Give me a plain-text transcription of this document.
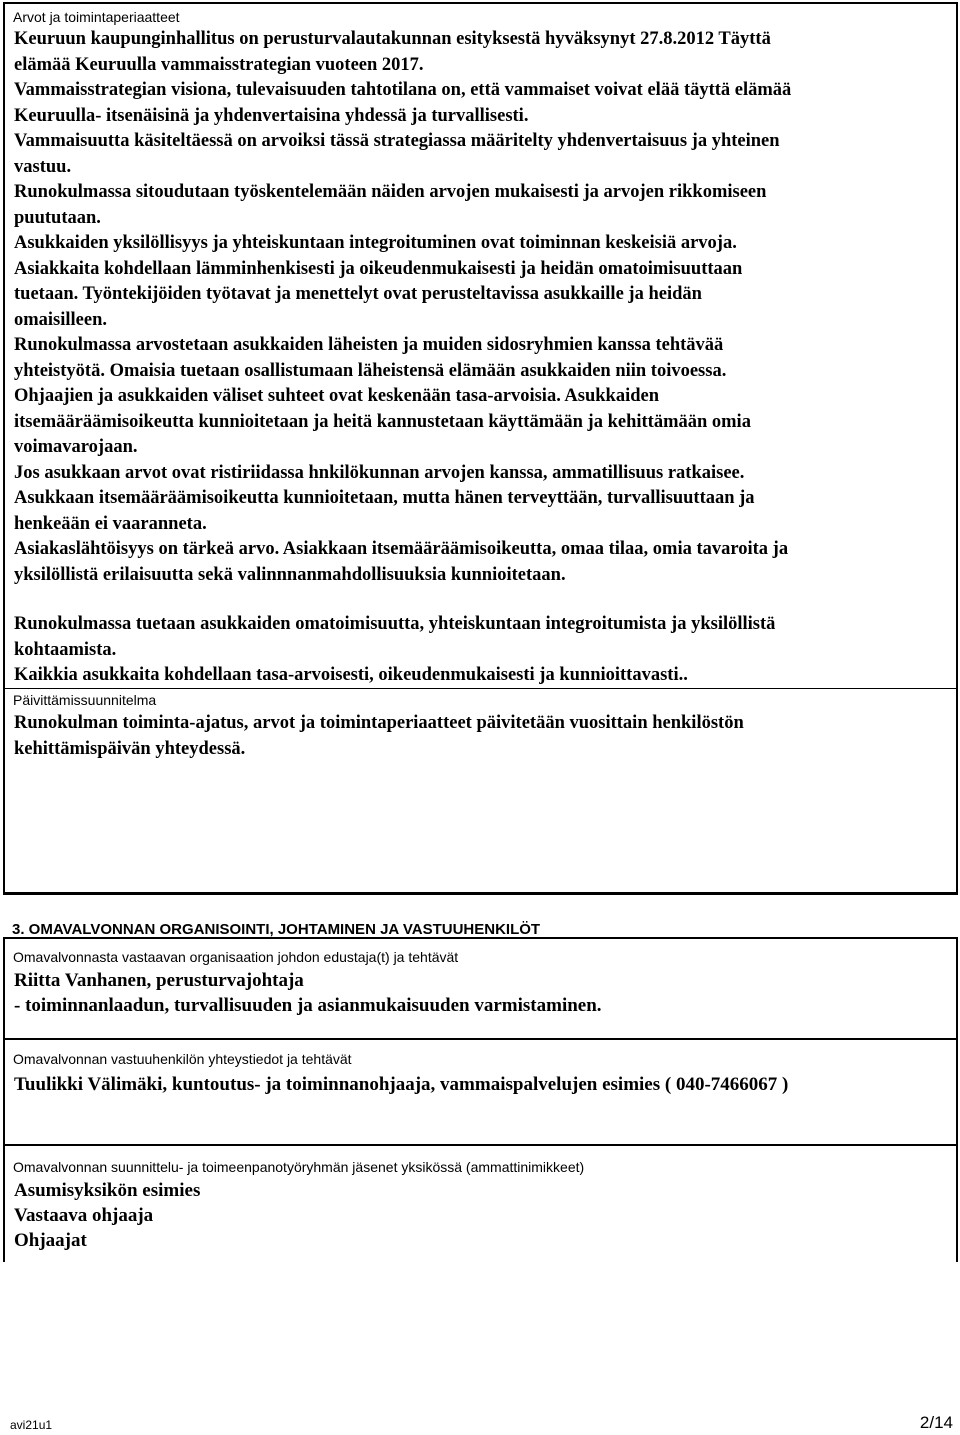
Arvot ja toimintaperiaatteet
Keuruun kaupunginhallitus on perusturvalautakunnan esityksestä hyväksynyt 27.8.2012 Täyttä
elämää Keuruulla vammaisstrategian vuoteen 2017.
Vammaisstrategian visiona, tulevaisuuden tahtotilana on, että vammaiset voivat elää täyttä elämää
Keuruulla- itsenäisinä ja yhdenvertaisina yhdessä ja turvallisesti.
Vammaisuutta käsiteltäessä on arvoiksi tässä strategiassa määritelty yhdenvertaisuus ja yhteinen
vastuu.
Runokulmassa sitoudutaan työskentelemään näiden arvojen mukaisesti ja arvojen rikkomiseen
puututaan.
Asukkaiden yksilöllisyys ja yhteiskuntaan integroituminen ovat toiminnan keskeisiä arvoja.
Asiakkaita kohdellaan lämminhenkisesti ja oikeudenmukaisesti ja heidän omatoimisuuttaan
tuetaan. Työntekijöiden työtavat ja menettelyt ovat perusteltavissa asukkaille ja heidän
omaisilleen.
Runokulmassa arvostetaan asukkaiden läheisten ja muiden sidosryhmien kanssa tehtävää
yhteistyötä. Omaisia tuetaan osallistumaan läheistensä elämään asukkaiden niin toivoessa.
Ohjaajien ja asukkaiden väliset suhteet ovat keskenään tasa-arvoisia. Asukkaiden
itsemääräämisoikeutta kunnioitetaan ja heitä kannustetaan käyttämään ja kehittämään omia
voimavarojaan.
Jos asukkaan arvot ovat ristiriidassa hnkilökunnan arvojen kanssa, ammatillisuus ratkaisee.
Asukkaan itsemääräämisoikeutta kunnioitetaan, mutta hänen terveyttään, turvallisuuttaan ja
henkeään ei vaaranneta.
Asiakaslähtöisyys on tärkeä arvo. Asiakkaan itsemääräämisoikeutta, omaa tilaa, omia tavaroita ja
yksilöllistä erilaisuutta sekä valinnnanmahdollisuuksia kunnioitetaan.
Runokulmassa tuetaan asukkaiden omatoimisuutta, yhteiskuntaan integroitumista ja yksilöllistä
kohtaamista.
Kaikkia asukkaita kohdellaan tasa-arvoisesti, oikeudenmukaisesti ja kunnioittavasti..
Päivittämissuunnitelma
Runokulman toiminta-ajatus, arvot ja toimintaperiaatteet päivitetään vuosittain henkilöstön
kehittämispäivän yhteydessä.
3. OMAVALVONNAN ORGANISOINTI, JOHTAMINEN JA VASTUUHENKILÖT
Omavalvonnasta vastaavan organisaation johdon edustaja(t) ja tehtävät
Riitta Vanhanen, perusturvajohtaja
- toiminnanlaadun, turvallisuuden ja asianmukaisuuden varmistaminen.
Omavalvonnan vastuuhenkilön yhteystiedot ja tehtävät
Tuulikki Välimäki, kuntoutus- ja toiminnanohjaaja, vammaispalvelujen esimies ( 040-7466067 )
Omavalvonnan suunnittelu- ja toimeenpanotyöryhmän jäsenet yksikössä (ammattinimikkeet)
Asumisyksikön esimies
Vastaava ohjaaja
Ohjaajat
avi21u1	2/14
